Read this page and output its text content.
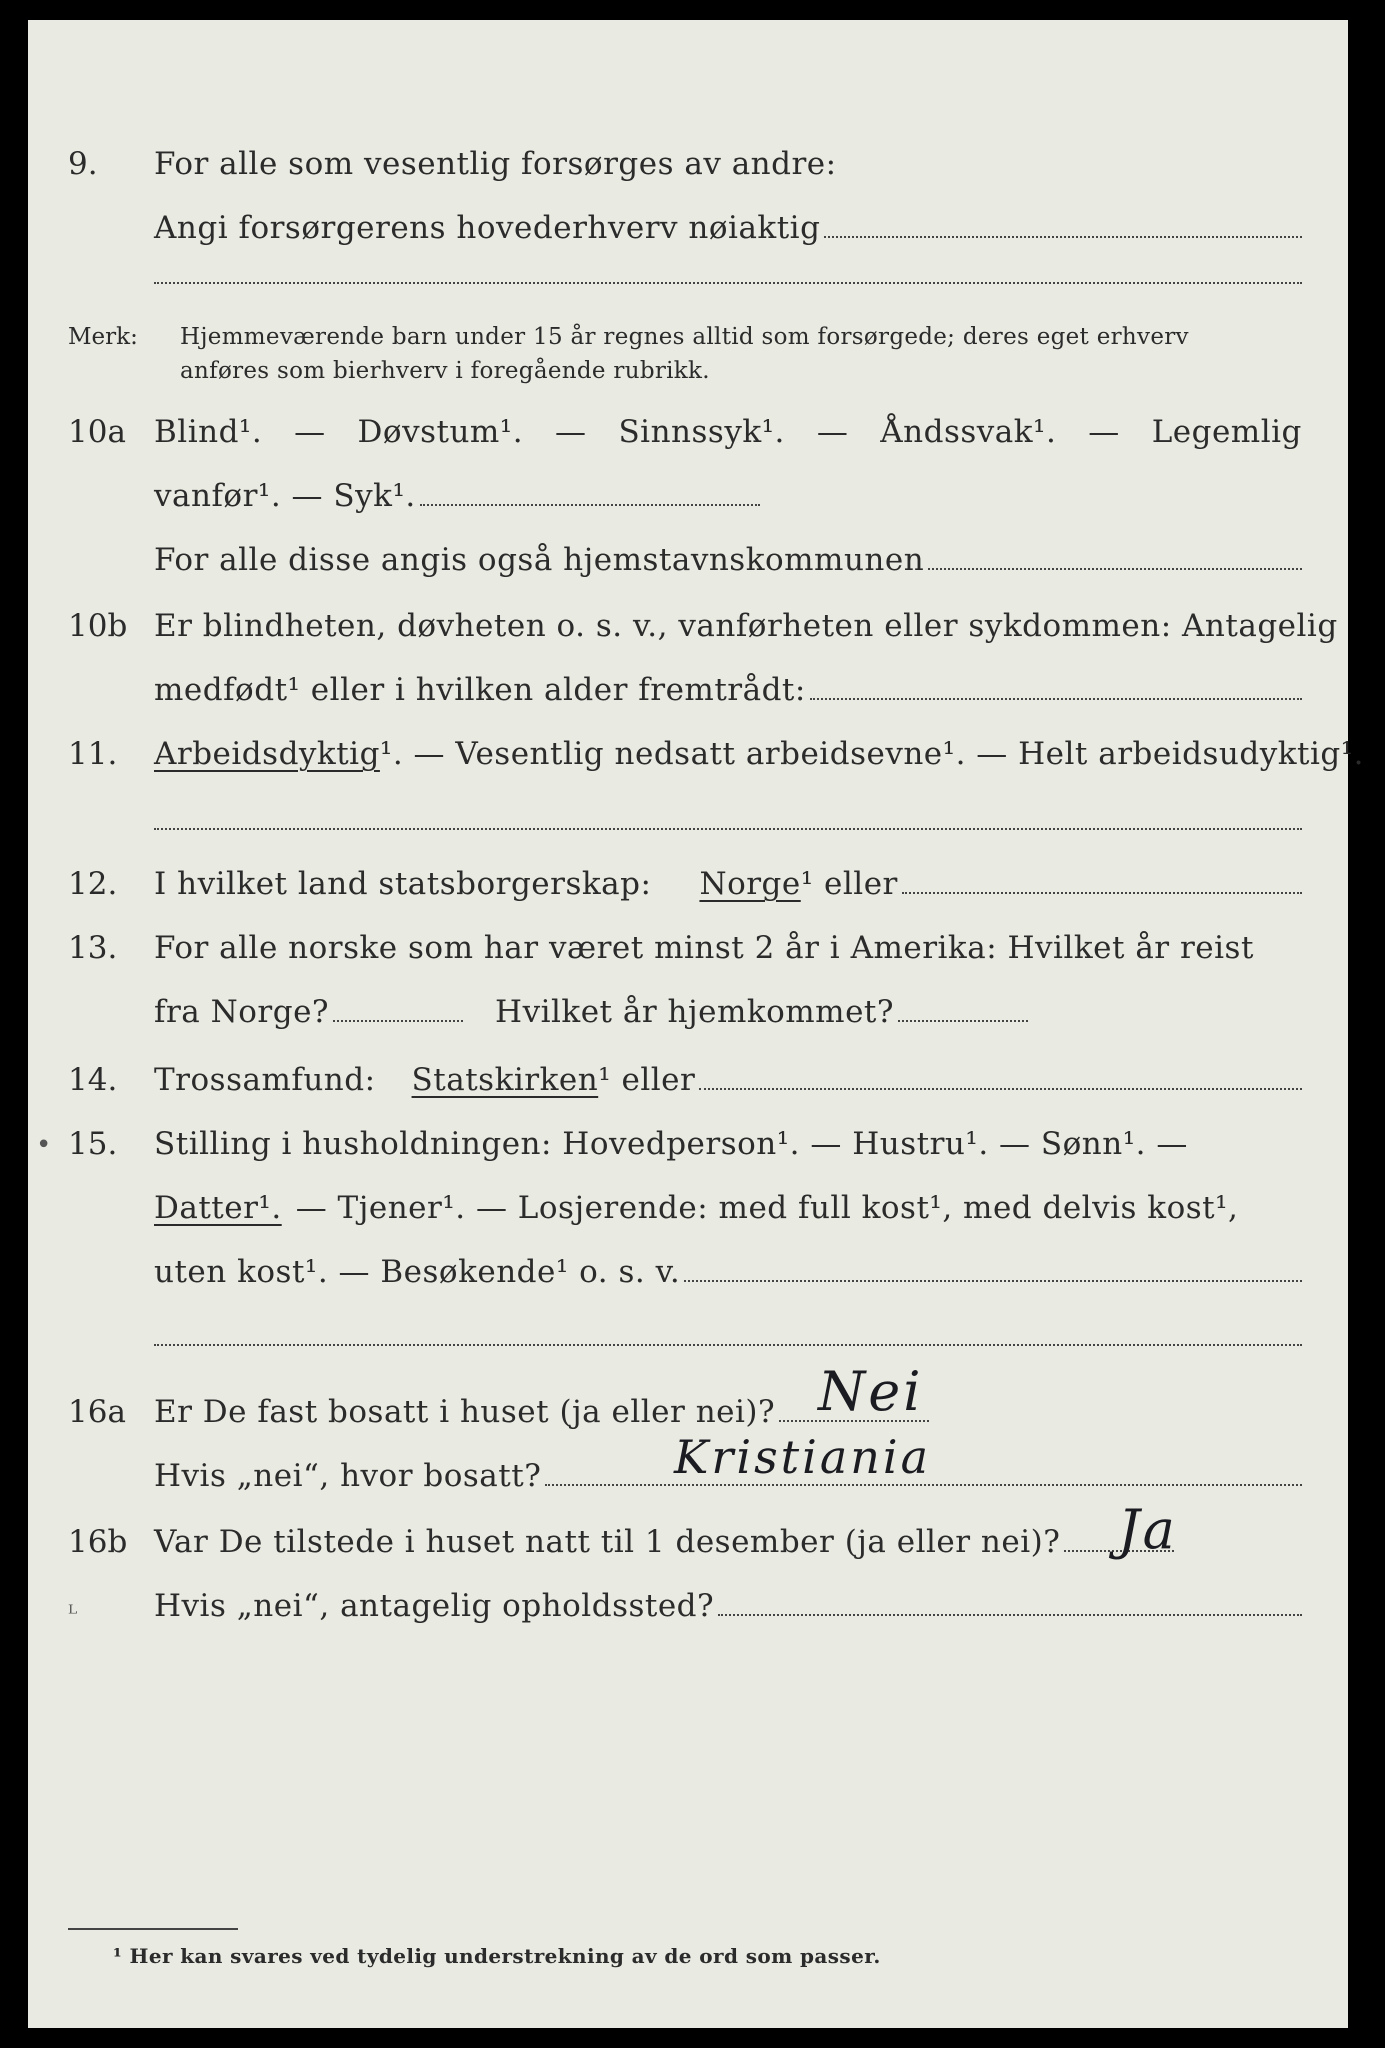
9.	For alle som vesentlig forsørges av andre:
Angi forsørgerens hovederhverv nøiaktig
Merk: Hjemmeværende barn under 15 år regnes alltid som forsørgede; deres eget erhverv
anføres som bierhverv i foregående rubrikk.
10a Blind¹. — Døvstum¹. — Sinnssyk¹. — Åndssvak¹. — Legemlig
vanfør¹. — Syk¹.
For alle disse angis også hjemstavnskommunen
10b Er blindheten, døvheten o. s. v., vanførheten eller sykdommen: Antagelig
medfødt¹ eller i hvilken alder fremtrådt:
11.	Arbeidsdyktig ¹. — Vesentlig nedsatt arbeidsevne¹. — Helt arbeidsudyktig¹.
12.	I hvilket land statsborgerskap: Norge ¹ eller
13.	For alle norske som har været minst 2 år i Amerika: Hvilket år reist
fra Norge?	Hvilket år hjemkommet?
14.	Trossamfund: Statskirken ¹ eller
• 15.	Stilling i husholdningen: Hovedperson¹. — Hustru¹. — Sønn¹. —
Datter¹. — Tjener¹. — Losjerende: med full kost¹, med delvis kost¹,
uten kost¹. — Besøkende¹ o. s. v.
16a Er De fast bosatt i huset (ja eller nei)? Nei
Hvis „nei“, hvor bosatt?	Kristiania
16b Var De tilstede i huset natt til 1 desember (ja eller nei)? Ja
Hvis „nei“, antagelig opholdssted?
ᴸ
¹ Her kan svares ved tydelig understrekning av de ord som passer.
